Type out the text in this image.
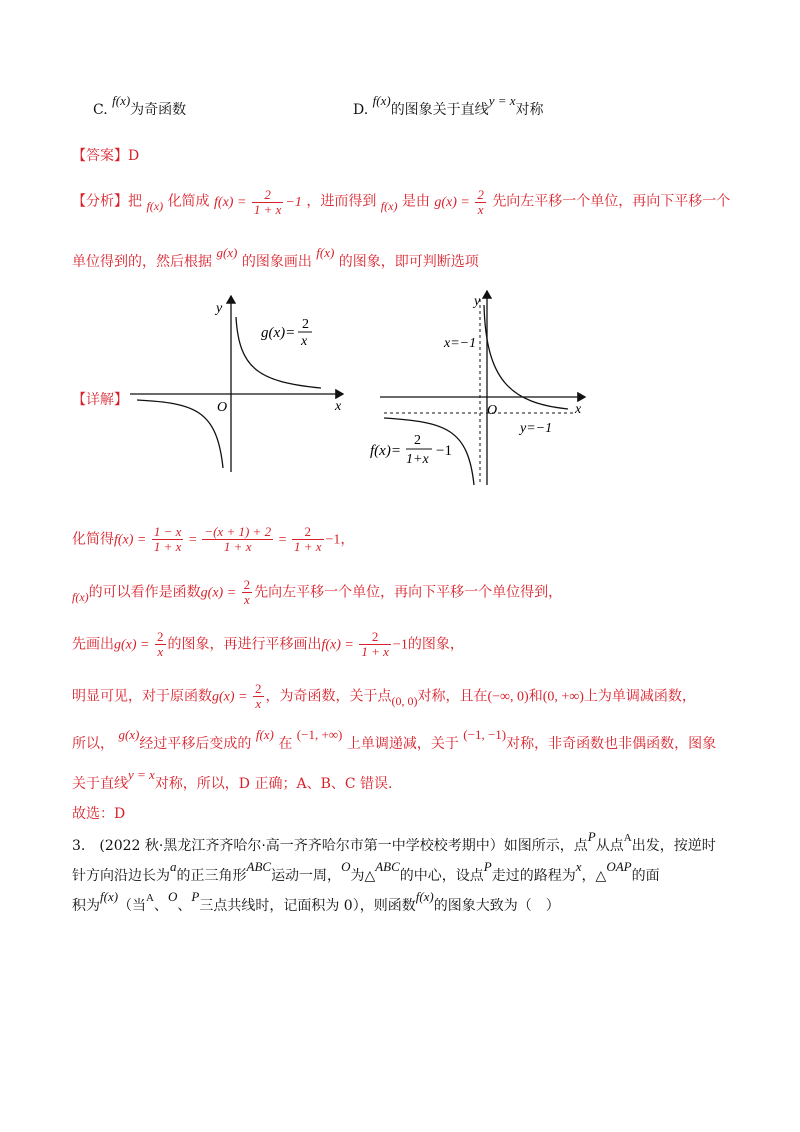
C. f(x)为奇函数	D. f(x)的图象关于直线y = x对称
【答案】D
【分析】把 f(x) 化简成 $f(x) = \frac{2}{1 + x} -1$ ，进而得到 f(x) 是由 $g(x) = \frac{2}{x}$ 先向左平移一个单位，再向下平移一个
单位得到的，然后根据 g(x) 的图象画出 f(x) 的图象，即可判断选项
【详解】
y
x
O
g(x)=
2
x
y
x
O
x=−1
y=−1
f(x)=
2
1+x
−1
化简得$f(x) = \frac{1 - x}{1 + x} = \frac{-(x + 1) + 2}{1 + x} = \frac{2}{1 + x} -1$，
f(x)的可以看作是函数$g(x) = \frac{2}{x}$ 先向左平移一个单位，再向下平移一个单位得到，
先画出$g(x) = \frac{2}{x}$ 的图象，再进行平移画出$f(x) = \frac{2}{1 + x} -1$的图象，
明显可见，对于原函数$g(x) = \frac{2}{x}$ ，为奇函数，关于点(0, 0)对称，且在(−∞, 0)和(0, +∞)上为单调减函数，
所以， g(x)经过平移后变成的 f(x) 在 (−1, +∞) 上单调递减，关于 (−1, −1)对称，非奇函数也非偶函数，图象
关于直线y = x对称，所以，D 正确；A、B、C 错误.
故选：D
3.　(2022 秋·黑龙江齐齐哈尔·高一齐齐哈尔市第一中学校校考期中）如图所示，点P从点$^A$出发，按逆时
针方向沿边长为a的正三角形ABC运动一周，O为△ABC的中心，设点P走过的路程为x，△OAP的面
积为f(x)（当$^A$、O、P三点共线时，记面积为 0），则函数f(x)的图象大致为（　）
